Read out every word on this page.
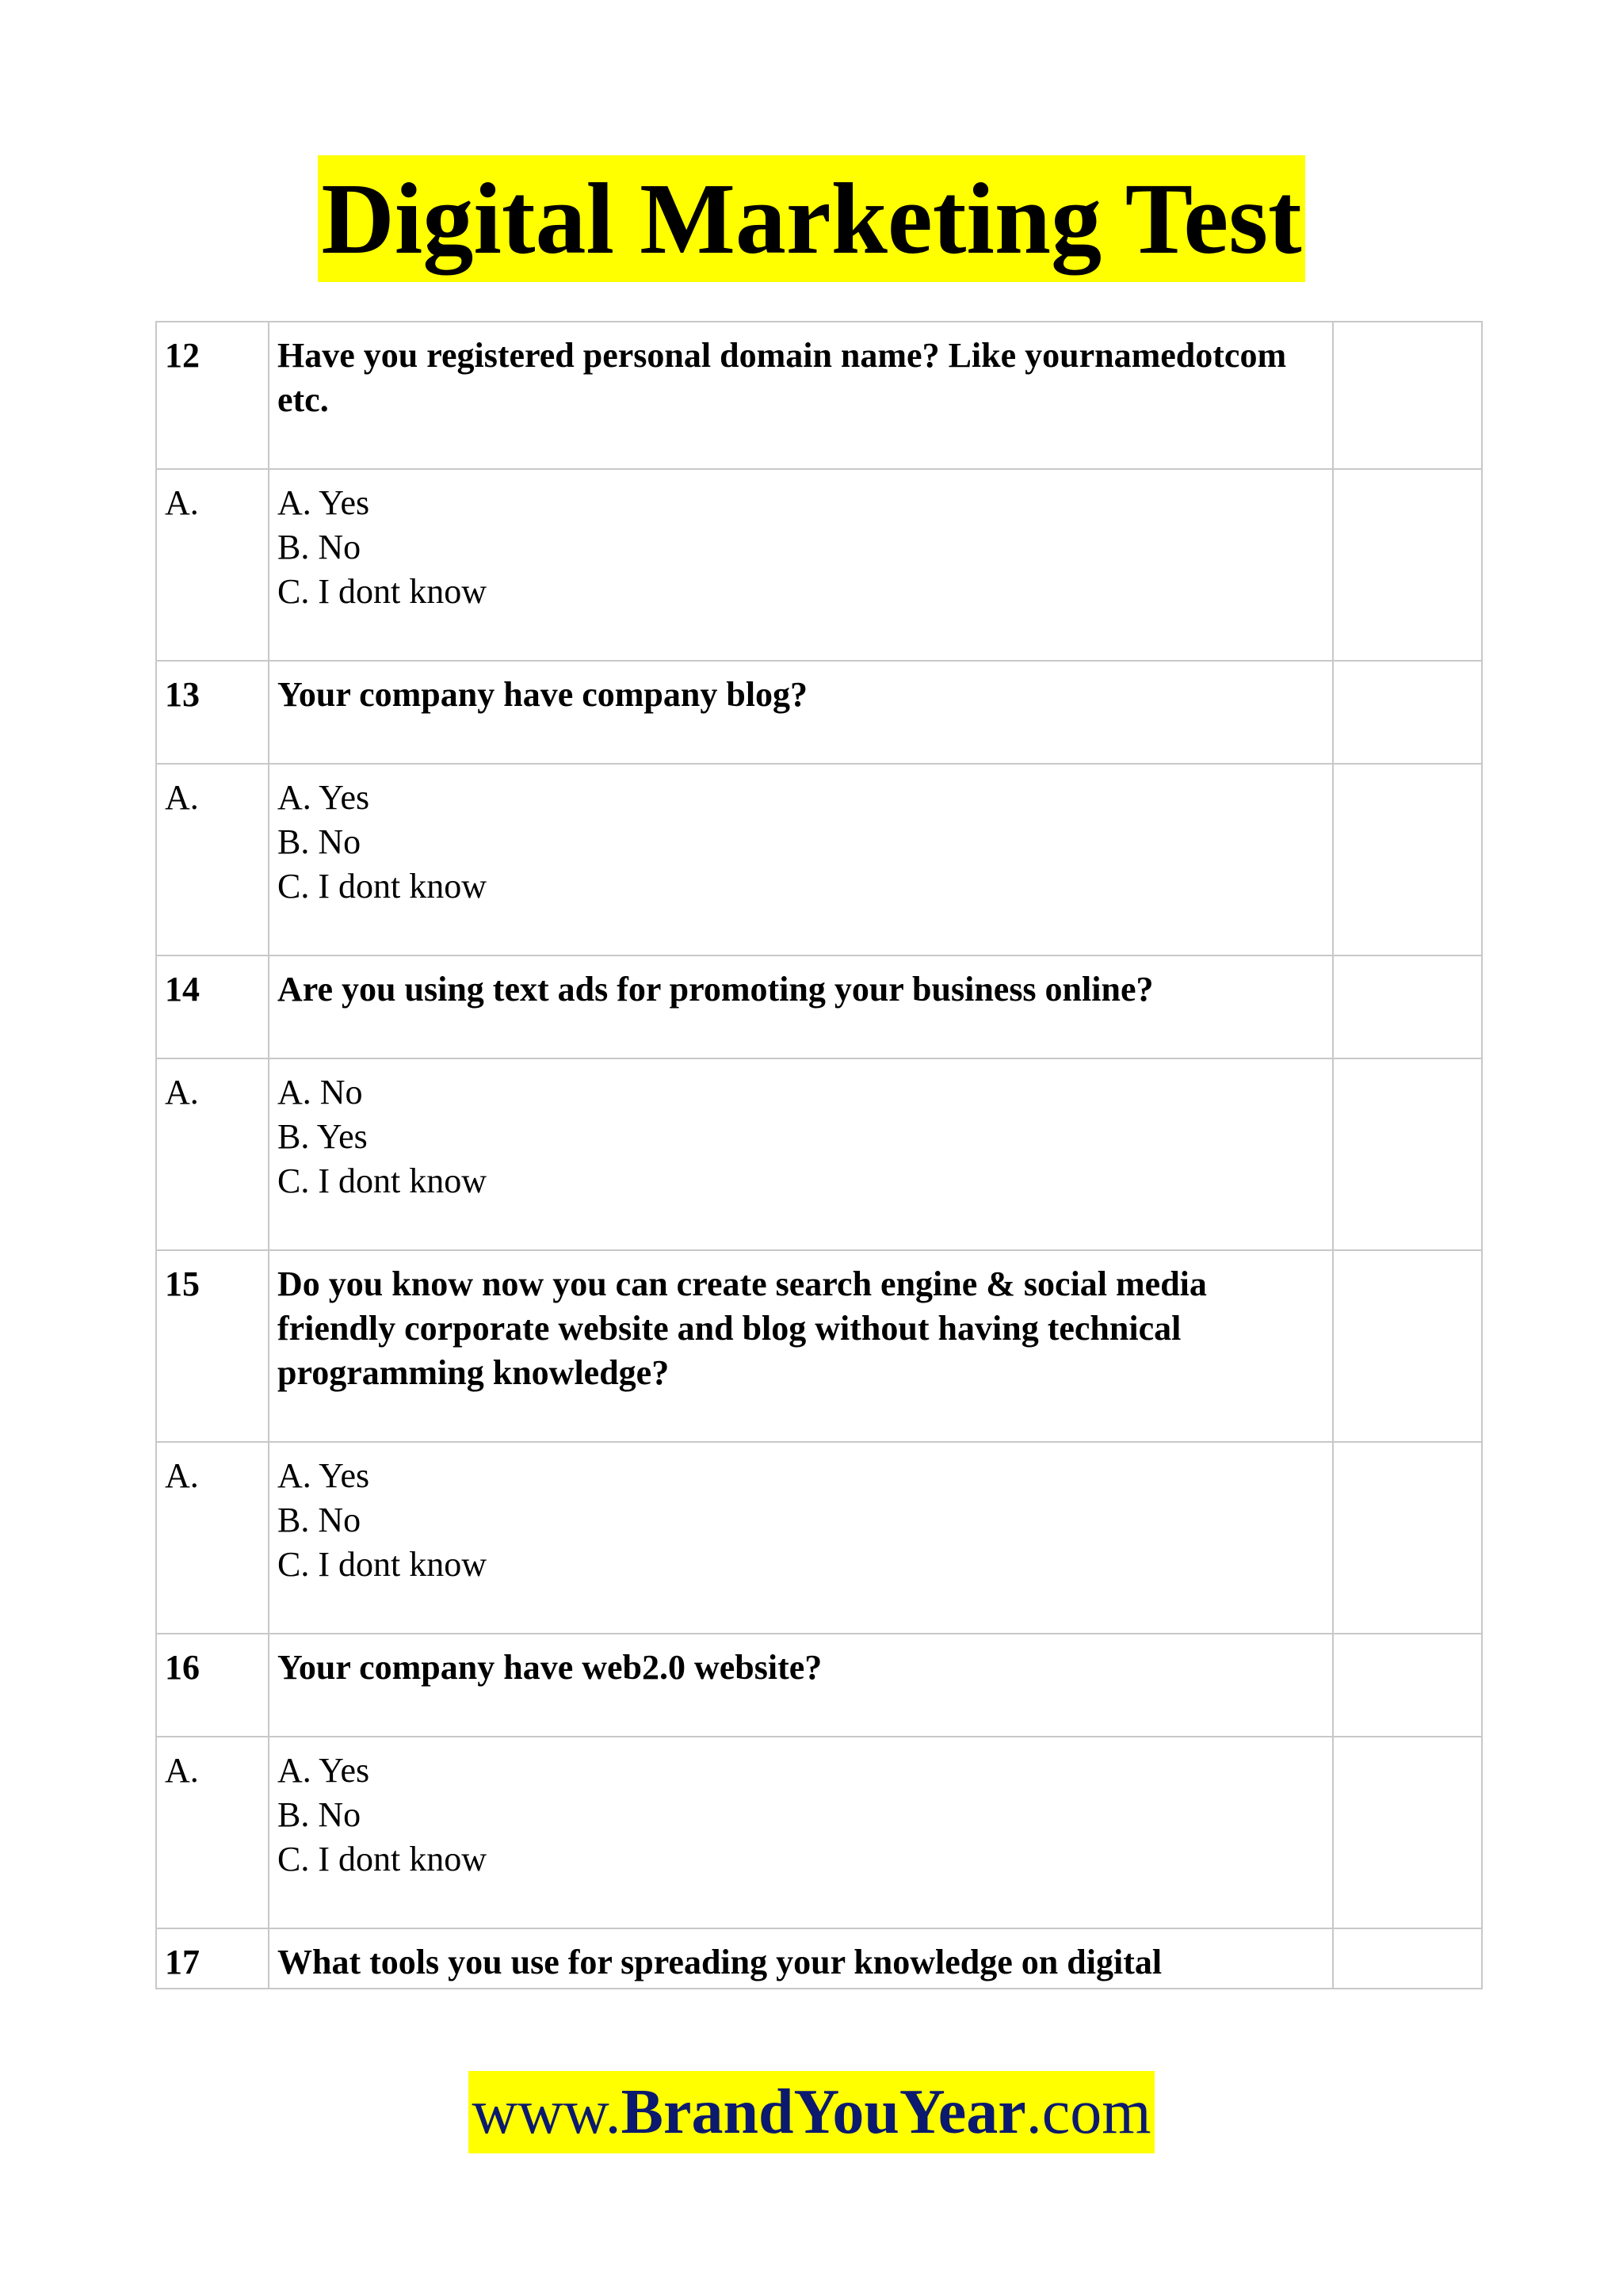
Digital Marketing Test
12	Have you registered personal domain name? Like yournamedotcom etc.	
A.	A. Yes
B. No
C. I dont know	

13	Your company have company blog?	
A.	A. Yes
B. No
C. I dont know	

14	Are you using text ads for promoting your business online?	
A.	A. No
B. Yes
C. I dont know	

15	Do you know now you can create search engine & social media friendly corporate website and blog without having technical programming knowledge?	
A.	A. Yes
B. No
C. I dont know	

16	Your company have web2.0 website?	
A.	A. Yes
B. No
C. I dont know	

17	What tools you use for spreading your knowledge on digital	
www.BrandYouYear.com
